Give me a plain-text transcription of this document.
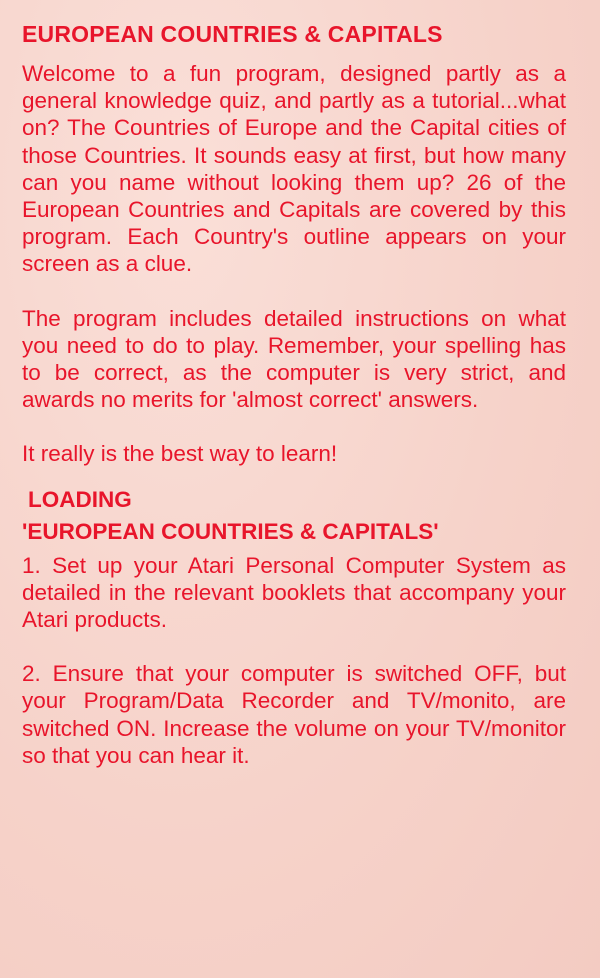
EUROPEAN COUNTRIES & CAPITALS

Welcome to a fun program, designed partly as a general knowledge quiz, and partly as a tutorial...what on? The Countries of Europe and the Capital cities of those Countries. It sounds easy at first, but how many can you name without looking them up? 26 of the European Countries and Capitals are covered by this program. Each Country's outline appears on your screen as a clue.

The program includes detailed instructions on what you need to do to play. Remember, your spelling has to be correct, as the computer is very strict, and awards no merits for 'almost correct' answers.

It really is the best way to learn!

LOADING
'EUROPEAN COUNTRIES & CAPITALS'

1. Set up your Atari Personal Computer System as detailed in the relevant booklets that accompany your Atari products.

2. Ensure that your computer is switched OFF, but your Program/Data Recorder and TV/monito, are switched ON. Increase the volume on your TV/monitor so that you can hear it.
